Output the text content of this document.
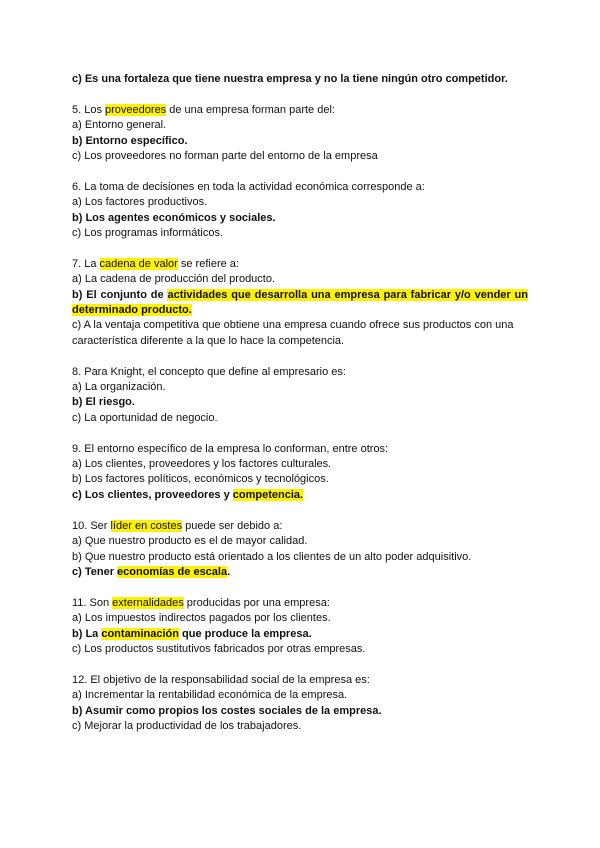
c) Es una fortaleza que tiene nuestra empresa y no la tiene ningún otro competidor.
5. Los proveedores de una empresa forman parte del:
a) Entorno general.
b) Entorno específico.
c) Los proveedores no forman parte del entorno de la empresa
6. La toma de decisiones en toda la actividad económica corresponde a:
a) Los factores productivos.
b) Los agentes económicos y sociales.
c) Los programas informáticos.
7. La cadena de valor se refiere a:
a) La cadena de producción del producto.
b) El conjunto de actividades que desarrolla una empresa para fabricar y/o vender un determinado producto.
c) A la ventaja competitiva que obtiene una empresa cuando ofrece sus productos con una
característica diferente a la que lo hace la competencia.
8. Para Knight, el concepto que define al empresario es:
a) La organización.
b) El riesgo.
c) La oportunidad de negocio.
9. El entorno específico de la empresa lo conforman, entre otros:
a) Los clientes, proveedores y los factores culturales.
b) Los factores políticos, económicos y tecnológicos.
c) Los clientes, proveedores y competencia.
10. Ser líder en costes puede ser debido a:
a) Que nuestro producto es el de mayor calidad.
b) Que nuestro producto está orientado a los clientes de un alto poder adquisitivo.
c) Tener economías de escala.
11. Son externalidades producidas por una empresa:
a) Los impuestos indirectos pagados por los clientes.
b) La contaminación que produce la empresa.
c) Los productos sustitutivos fabricados por otras empresas.
12. El objetivo de la responsabilidad social de la empresa es:
a) Incrementar la rentabilidad económica de la empresa.
b) Asumir como propios los costes sociales de la empresa.
c) Mejorar la productividad de los trabajadores.
